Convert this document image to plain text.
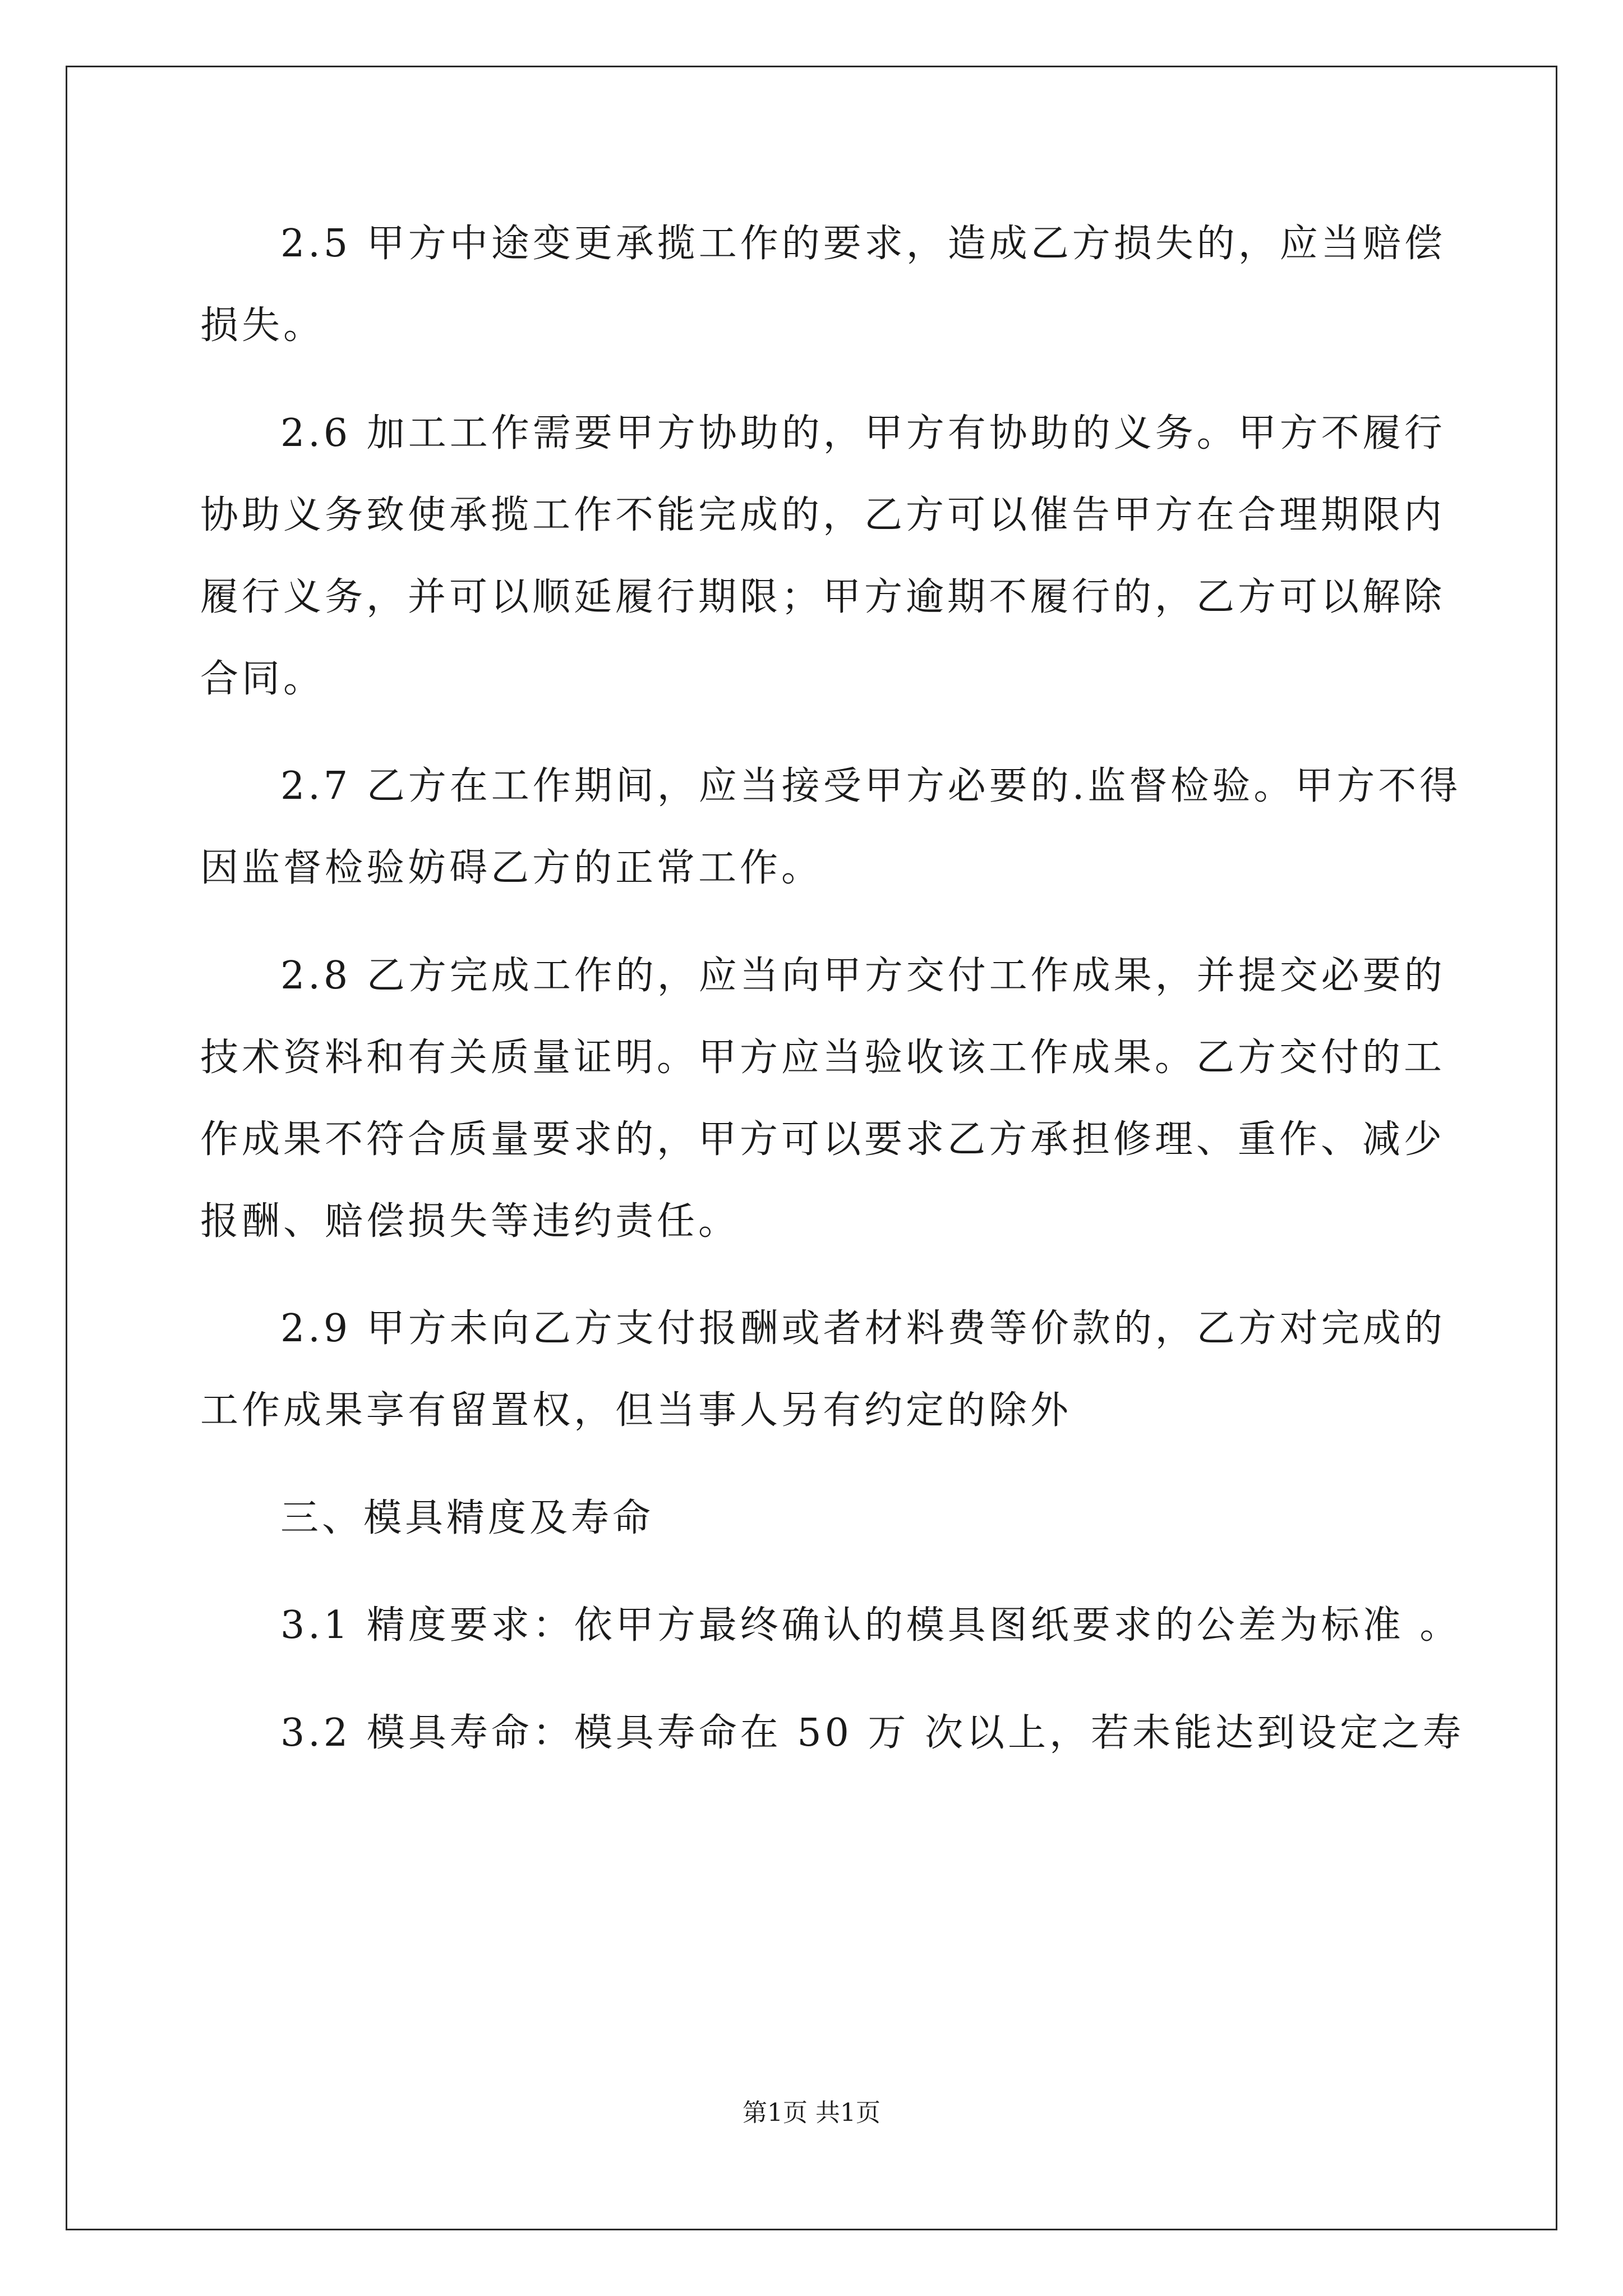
2.5 甲方中途变更承揽工作的要求，造成乙方损失的，应当赔偿
损失。
2.6 加工工作需要甲方协助的，甲方有协助的义务。甲方不履行
协助义务致使承揽工作不能完成的，乙方可以催告甲方在合理期限内
履行义务，并可以顺延履行期限；甲方逾期不履行的，乙方可以解除
合同。
2.7 乙方在工作期间，应当接受甲方必要的.监督检验。甲方不得
因监督检验妨碍乙方的正常工作。
2.8 乙方完成工作的，应当向甲方交付工作成果，并提交必要的
技术资料和有关质量证明。甲方应当验收该工作成果。乙方交付的工
作成果不符合质量要求的，甲方可以要求乙方承担修理、重作、减少
报酬、赔偿损失等违约责任。
2.9 甲方未向乙方支付报酬或者材料费等价款的，乙方对完成的
工作成果享有留置权，但当事人另有约定的除外
三、模具精度及寿命
3.1 精度要求：依甲方最终确认的模具图纸要求的公差为标准 。
3.2 模具寿命：模具寿命在 50 万 次以上，若未能达到设定之寿
第1页 共1页
